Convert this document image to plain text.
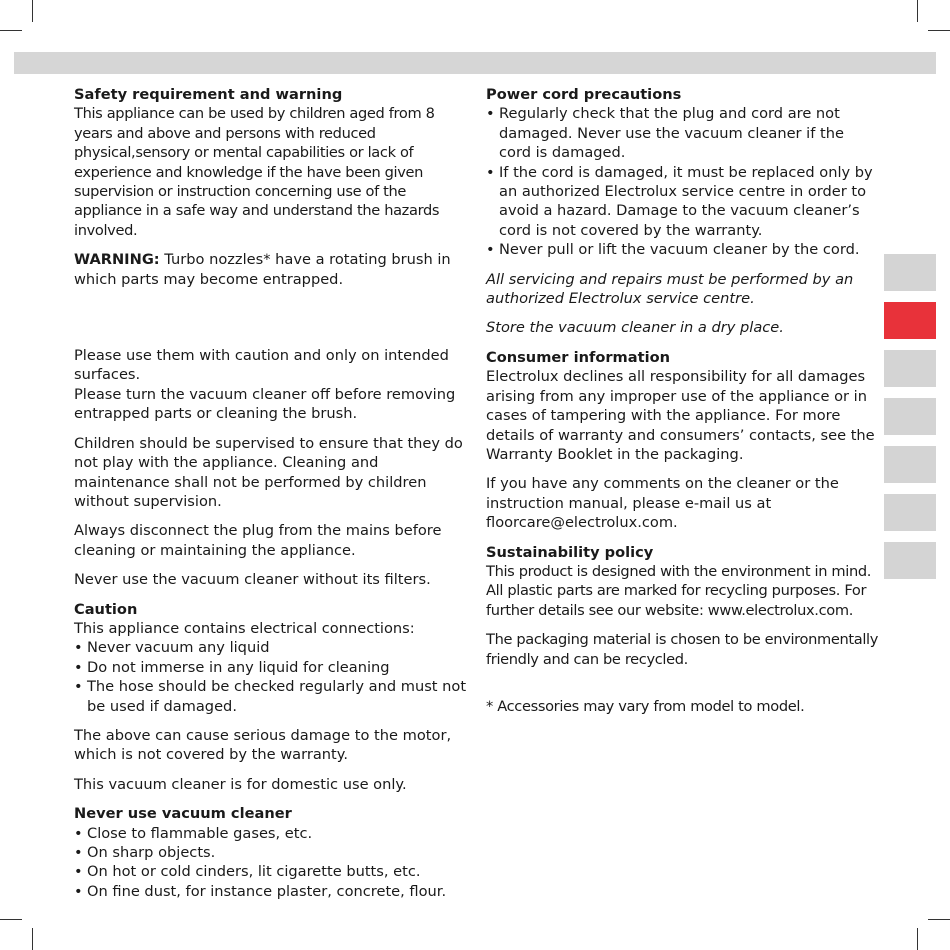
Safety requirement and warning

This appliance can be used by children aged from 8 years and above and persons with reduced physical,sensory or mental capabilities or lack of experience and knowledge if the have been given supervision or instruction concerning use of the appliance in a safe way and understand the hazards involved.

WARNING: Turbo nozzles* have a rotating brush in which parts may become entrapped.

Please use them with caution and only on intended surfaces.

Please turn the vacuum cleaner off before removing entrapped parts or cleaning the brush.

Children should be supervised to ensure that they do not play with the appliance. Cleaning and maintenance shall not be performed by children without supervision.

Always disconnect the plug from the mains before cleaning or maintaining the appliance.

Never use the vacuum cleaner without its filters.

Caution

This appliance contains electrical connections:

• Never vacuum any liquid
• Do not immerse in any liquid for cleaning
• The hose should be checked regularly and must not be used if damaged.

The above can cause serious damage to the motor, which is not covered by the warranty.

This vacuum cleaner is for domestic use only.

Never use vacuum cleaner

• Close to flammable gases, etc.
• On sharp objects.
• On hot or cold cinders, lit cigarette butts, etc.
• On fine dust, for instance plaster, concrete, flour.

Power cord precautions

• Regularly check that the plug and cord are not damaged. Never use the vacuum cleaner if the cord is damaged.
• If the cord is damaged, it must be replaced only by an authorized Electrolux service centre in order to avoid a hazard. Damage to the vacuum cleaner’s cord is not covered by the warranty.
• Never pull or lift the vacuum cleaner by the cord.

All servicing and repairs must be performed by an authorized Electrolux service centre.

Store the vacuum cleaner in a dry place.

Consumer information

Electrolux declines all responsibility for all damages arising from any improper use of the appliance or in cases of tampering with the appliance. For more details of warranty and consumers’ contacts, see the Warranty Booklet in the packaging.

If you have any comments on the cleaner or the instruction manual, please e-mail us at floorcare@electrolux.com.

Sustainability policy

This product is designed with the environment in mind. All plastic parts are marked for recycling purposes. For further details see our website: www.electrolux.com.

The packaging material is chosen to be environmentally friendly and can be recycled.

* Accessories may vary from model to model.
